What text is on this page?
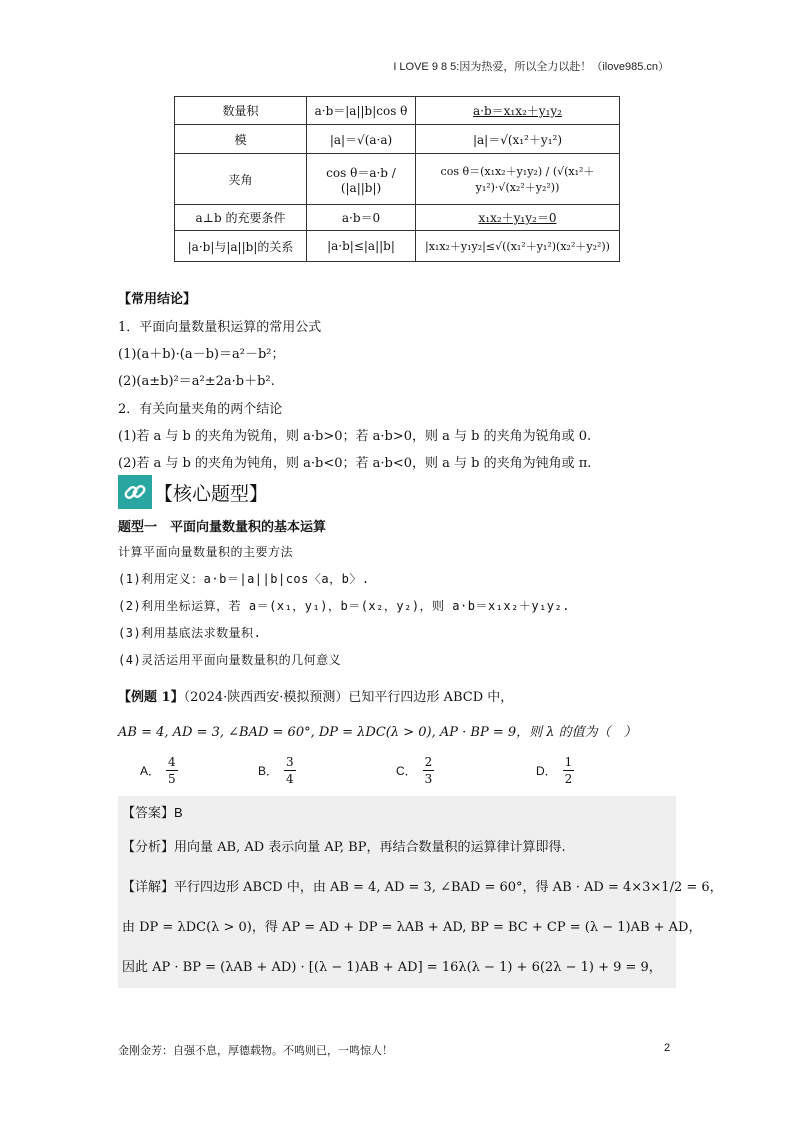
I LOVE 9 8 5:因为热爱，所以全力以赴！（ilove985.cn）
数量积	a·b＝|a||b|cos θ	a·b＝x₁x₂＋y₁y₂
模	|a|＝√(a·a)	|a|＝√(x₁²＋y₁²)
夹角	cos θ＝a·b / (|a||b|)	cos θ＝(x₁x₂＋y₁y₂) / (√(x₁²＋y₁²)·√(x₂²＋y₂²))
a⊥b 的充要条件	a·b＝0	x₁x₂＋y₁y₂＝0
|a·b|与|a||b|的关系	|a·b|≤|a||b|	|x₁x₂＋y₁y₂|≤√((x₁²＋y₁²)(x₂²＋y₂²))
【常用结论】
1．平面向量数量积运算的常用公式
(1)(a＋b)·(a－b)＝a²－b²；
(2)(a±b)²＝a²±2a·b＋b².
2．有关向量夹角的两个结论
(1)若 a 与 b 的夹角为锐角，则 a·b>0；若 a·b>0，则 a 与 b 的夹角为锐角或 0.
(2)若 a 与 b 的夹角为钝角，则 a·b<0；若 a·b<0，则 a 与 b 的夹角为钝角或 π.
【核心题型】
题型一　平面向量数量积的基本运算
计算平面向量数量积的主要方法
(1)利用定义：a·b＝|a||b|cos〈a，b〉.
(2)利用坐标运算，若 a＝(x₁，y₁)，b＝(x₂，y₂)，则 a·b＝x₁x₂＋y₁y₂.
(3)利用基底法求数量积.
(4)灵活运用平面向量数量积的几何意义
【例题 1】（2024·陕西西安·模拟预测）已知平行四边形 ABCD 中，
AB = 4, AD = 3, ∠BAD = 60°, DP = λDC(λ > 0), AP · BP = 9，则 λ 的值为（　）
A． $\frac{4}{5}$	B． $\frac{3}{4}$	C． $\frac{2}{3}$	D． $\frac{1}{2}$
【答案】B
【分析】用向量 AB, AD 表示向量 AP, BP，再结合数量积的运算律计算即得.
【详解】平行四边形 ABCD 中，由 AB = 4, AD = 3, ∠BAD = 60°，得 AB · AD = 4×3×1/2 = 6，
由 DP = λDC(λ > 0)，得 AP = AD + DP = λAB + AD, BP = BC + CP = (λ − 1)AB + AD，
因此 AP · BP = (λAB + AD) · [(λ − 1)AB + AD] = 16λ(λ − 1) + 6(2λ − 1) + 9 = 9，
金刚金芳：自强不息，厚德载物。不鸣则已，一鸣惊人！	2
